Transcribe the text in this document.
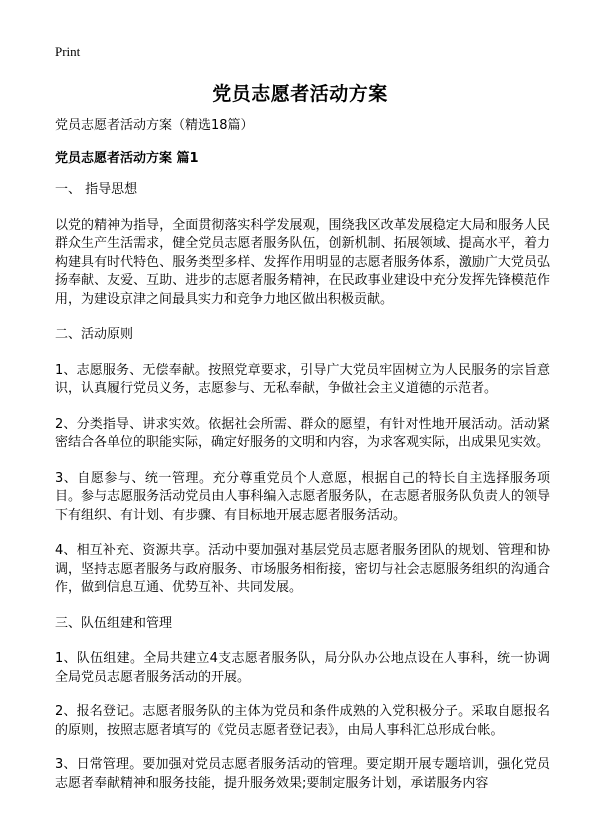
Print
党员志愿者活动方案

党员志愿者活动方案（精选18篇）

党员志愿者活动方案 篇1

一、 指导思想

以党的精神为指导，全面贯彻落实科学发展观，围绕我区改革发展稳定大局和服务人民群众生产生活需求，健全党员志愿者服务队伍，创新机制、拓展领域、提高水平，着力构建具有时代特色、服务类型多样、发挥作用明显的志愿者服务体系，激励广大党员弘扬奉献、友爱、互助、进步的志愿者服务精神，在民政事业建设中充分发挥先锋模范作用，为建设京津之间最具实力和竞争力地区做出积极贡献。

二、活动原则

1、志愿服务、无偿奉献。按照党章要求，引导广大党员牢固树立为人民服务的宗旨意识，认真履行党员义务，志愿参与、无私奉献，争做社会主义道德的示范者。

2、分类指导、讲求实效。依据社会所需、群众的愿望，有针对性地开展活动。活动紧密结合各单位的职能实际，确定好服务的文明和内容，为求客观实际，出成果见实效。

3、自愿参与、统一管理。充分尊重党员个人意愿，根据自己的特长自主选择服务项目。参与志愿服务活动党员由人事科编入志愿者服务队，在志愿者服务队负责人的领导下有组织、有计划、有步骤、有目标地开展志愿者服务活动。

4、相互补充、资源共享。活动中要加强对基层党员志愿者服务团队的规划、管理和协调，坚持志愿者服务与政府服务、市场服务相衔接，密切与社会志愿服务组织的沟通合作，做到信息互通、优势互补、共同发展。

三、队伍组建和管理

1、队伍组建。全局共建立4支志愿者服务队，局分队办公地点设在人事科，统一协调全局党员志愿者服务活动的开展。

2、报名登记。志愿者服务队的主体为党员和条件成熟的入党积极分子。采取自愿报名的原则，按照志愿者填写的《党员志愿者登记表》，由局人事科汇总形成台帐。

3、日常管理。要加强对党员志愿者服务活动的管理。要定期开展专题培训，强化党员志愿者奉献精神和服务技能，提升服务效果;要制定服务计划，承诺服务内容
